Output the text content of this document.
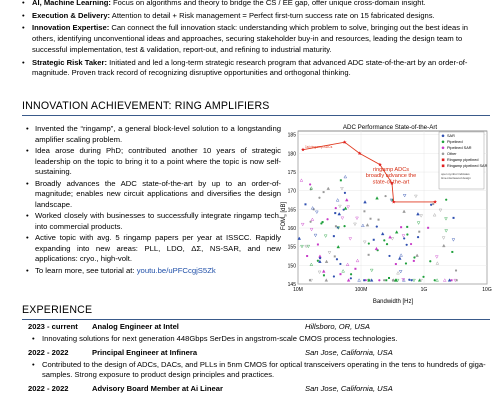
• AI, Machine Learning: Focus on algorithms and theory to bridge the CS / EE gap, offer unique cross-domain insight.
• Execution & Delivery: Attention to detail + Risk management = Perfect first-turn success rate on 15 fabricated designs.
• Innovation Expertise: Can connect the full innovation stack: understanding which problem to solve, bringing out the best ideas in others, identifying unconventional ideas and approaches, securing stakeholder buy-in and resources, leading the design team to successful implementation, test & validation, report-out, and refining to industrial maturity.
• Strategic Risk Taker: Initiated and led a long-term strategic research program that advanced ADC state-of-the-art by an order-of-magnitude. Proven track record of recognizing disruptive opportunities and orthogonal thinking.
INNOVATION ACHIEVEMENT: RING AMPLIFIERS
• Invented the “ringamp”, a general block-level solution to a longstanding amplifier scaling problem.
• Idea arose during PhD; contributed another 10 years of strategic leadership on the topic to bring it to a point where the topic is now self-sustaining.
• Broadly advances the ADC state-of-the-art by up to an order-of-magnitude; enables new circuit applications and diversifies the design landscape.
• Worked closely with businesses to successfully integrate ringamp tech. into commercial products.
• Active topic with avg. 5 ringamp papers per year at ISSCC. Rapidly expanding into new areas: PLL, LDO, ΔΣ, NS-SAR, and new applications: cryo., high-volt.
• To learn more, see tutorial at: youtu.be/uPFCcgjS5Zk
ADC Performance State-of-the-Art
145
150
155
160
165
170
175
180
185
10M	100M	1G	10G
$FOM_S$ [dB]
Bandwidth [Hz]
1st ringamp ADCs
ringamp ADCs broadly advance the state-of-the-art
SAR
Pipelined
Pipelined SAR
Other
Ringamp pipelined
Ringamp pipelined SAR
open symbol indicates time-interleaved design
EXPERIENCE
2023 - current Analog Engineer at Intel	Hillsboro, OR, USA
• Innovating solutions for next generation 448Gbps SerDes in angstrom-scale CMOS process technologies.
2022 - 2022	Principal Engineer at Infinera	San Jose, California, USA
• Contributed to the design of ADCs, DACs, and PLLs in 5nm CMOS for optical transceivers operating in the tens to hundreds of giga-samples. Strong exposure to product design principles and practices.
2022 - 2022	Advisory Board Member at Ai Linear	San Jose, California, USA
